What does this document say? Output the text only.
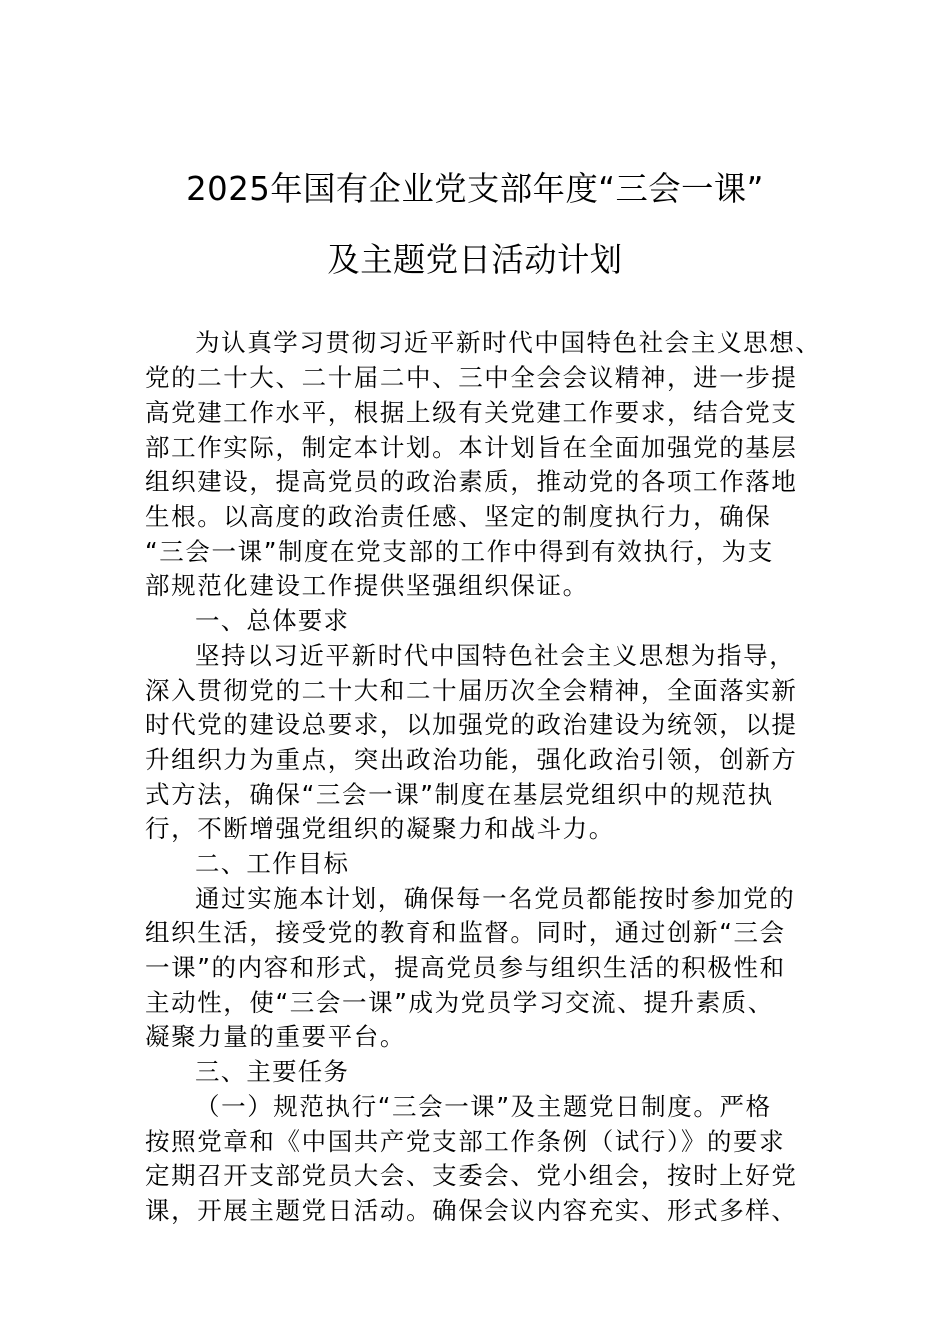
2025年国有企业党支部年度“三会一课”
及主题党日活动计划
为认真学习贯彻习近平新时代中国特色社会主义思想、
党的二十大、二十届二中、三中全会会议精神，进一步提
高党建工作水平，根据上级有关党建工作要求，结合党支
部工作实际，制定本计划。本计划旨在全面加强党的基层
组织建设，提高党员的政治素质，推动党的各项工作落地
生根。以高度的政治责任感、坚定的制度执行力，确保
“三会一课”制度在党支部的工作中得到有效执行，为支
部规范化建设工作提供坚强组织保证。
一、总体要求
坚持以习近平新时代中国特色社会主义思想为指导，
深入贯彻党的二十大和二十届历次全会精神，全面落实新
时代党的建设总要求，以加强党的政治建设为统领，以提
升组织力为重点，突出政治功能，强化政治引领，创新方
式方法，确保“三会一课”制度在基层党组织中的规范执
行，不断增强党组织的凝聚力和战斗力。
二、工作目标
通过实施本计划，确保每一名党员都能按时参加党的
组织生活，接受党的教育和监督。同时，通过创新“三会
一课”的内容和形式，提高党员参与组织生活的积极性和
主动性，使“三会一课”成为党员学习交流、提升素质、
凝聚力量的重要平台。
三、主要任务
（一）规范执行“三会一课”及主题党日制度。严格
按照党章和《中国共产党支部工作条例（试行）》的要求
定期召开支部党员大会、支委会、党小组会，按时上好党
课，开展主题党日活动。确保会议内容充实、形式多样、
